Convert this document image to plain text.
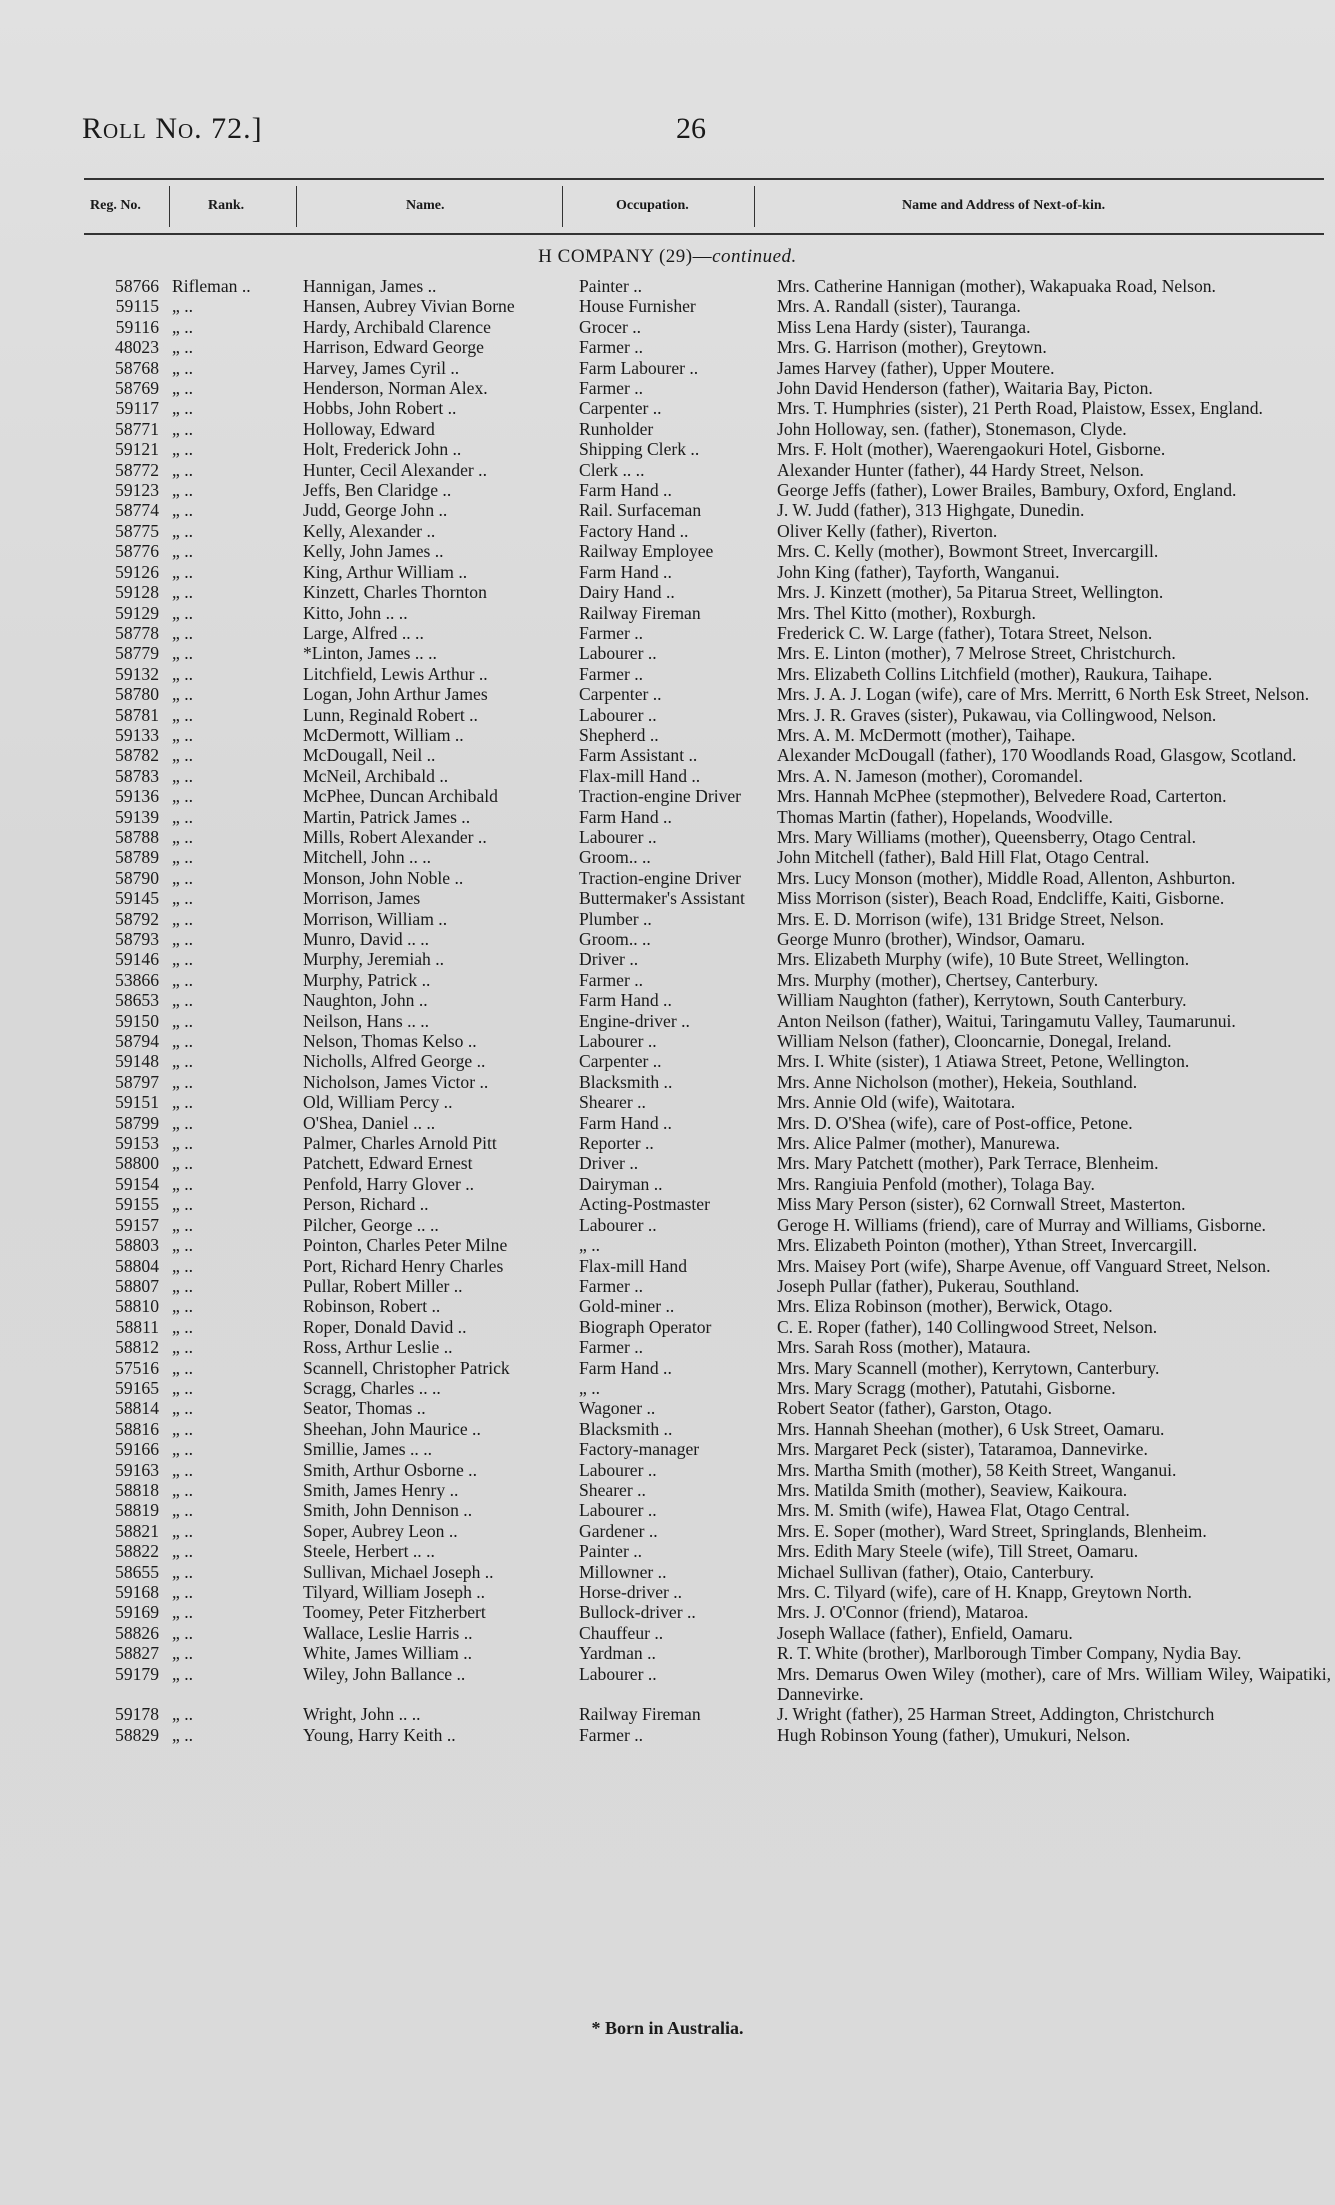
Roll No. 72.]	26
Reg. No.	Rank.	Name.	Occupation.	Name and Address of Next-of-kin.
H COMPANY (29)—continued.
58766 Rifleman ..	Hannigan, James ..	Painter ..	Mrs. Catherine Hannigan (mother), Wakapuaka Road, Nelson.
59115 „ ..	Hansen, Aubrey Vivian Borne	House Furnisher	Mrs. A. Randall (sister), Tauranga.
59116 „ ..	Hardy, Archibald Clarence	Grocer ..	Miss Lena Hardy (sister), Tauranga.
48023 „ ..	Harrison, Edward George	Farmer ..	Mrs. G. Harrison (mother), Greytown.
58768 „ ..	Harvey, James Cyril ..	Farm Labourer ..	James Harvey (father), Upper Moutere.
58769 „ ..	Henderson, Norman Alex.	Farmer ..	John David Henderson (father), Waitaria Bay, Picton.
59117 „ ..	Hobbs, John Robert ..	Carpenter ..	Mrs. T. Humphries (sister), 21 Perth Road, Plaistow, Essex, England.
58771 „ ..	Holloway, Edward	Runholder	John Holloway, sen. (father), Stonemason, Clyde.
59121 „ ..	Holt, Frederick John ..	Shipping Clerk ..	Mrs. F. Holt (mother), Waerengaokuri Hotel, Gisborne.
58772 „ ..	Hunter, Cecil Alexander ..	Clerk .. ..	Alexander Hunter (father), 44 Hardy Street, Nelson.
59123 „ ..	Jeffs, Ben Claridge ..	Farm Hand ..	George Jeffs (father), Lower Brailes, Bambury, Oxford, England.
58774 „ ..	Judd, George John ..	Rail. Surfaceman	J. W. Judd (father), 313 Highgate, Dunedin.
58775 „ ..	Kelly, Alexander ..	Factory Hand ..	Oliver Kelly (father), Riverton.
58776 „ ..	Kelly, John James ..	Railway Employee	Mrs. C. Kelly (mother), Bowmont Street, Invercargill.
59126 „ ..	King, Arthur William ..	Farm Hand ..	John King (father), Tayforth, Wanganui.
59128 „ ..	Kinzett, Charles Thornton	Dairy Hand ..	Mrs. J. Kinzett (mother), 5a Pitarua Street, Wellington.
59129 „ ..	Kitto, John .. ..	Railway Fireman	Mrs. Thel Kitto (mother), Roxburgh.
58778 „ ..	Large, Alfred .. ..	Farmer ..	Frederick C. W. Large (father), Totara Street, Nelson.
58779 „ ..	*Linton, James .. ..	Labourer ..	Mrs. E. Linton (mother), 7 Melrose Street, Christchurch.
59132 „ ..	Litchfield, Lewis Arthur ..	Farmer ..	Mrs. Elizabeth Collins Litchfield (mother), Raukura, Taihape.
58780 „ ..	Logan, John Arthur James	Carpenter ..	Mrs. J. A. J. Logan (wife), care of Mrs. Merritt, 6 North Esk Street, Nelson.
58781 „ ..	Lunn, Reginald Robert ..	Labourer ..	Mrs. J. R. Graves (sister), Pukawau, via Collingwood, Nelson.
59133 „ ..	McDermott, William ..	Shepherd ..	Mrs. A. M. McDermott (mother), Taihape.
58782 „ ..	McDougall, Neil ..	Farm Assistant ..	Alexander McDougall (father), 170 Woodlands Road, Glasgow, Scotland.
58783 „ ..	McNeil, Archibald ..	Flax-mill Hand ..	Mrs. A. N. Jameson (mother), Coromandel.
59136 „ ..	McPhee, Duncan Archibald	Traction-engine Driver	Mrs. Hannah McPhee (stepmother), Belvedere Road, Carterton.
59139 „ ..	Martin, Patrick James ..	Farm Hand ..	Thomas Martin (father), Hopelands, Woodville.
58788 „ ..	Mills, Robert Alexander ..	Labourer ..	Mrs. Mary Williams (mother), Queensberry, Otago Central.
58789 „ ..	Mitchell, John .. ..	Groom.. ..	John Mitchell (father), Bald Hill Flat, Otago Central.
58790 „ ..	Monson, John Noble ..	Traction-engine Driver	Mrs. Lucy Monson (mother), Middle Road, Allenton, Ashburton.
59145 „ ..	Morrison, James	Buttermaker's Assistant	Miss Morrison (sister), Beach Road, Endcliffe, Kaiti, Gisborne.
58792 „ ..	Morrison, William ..	Plumber ..	Mrs. E. D. Morrison (wife), 131 Bridge Street, Nelson.
58793 „ ..	Munro, David .. ..	Groom.. ..	George Munro (brother), Windsor, Oamaru.
59146 „ ..	Murphy, Jeremiah ..	Driver ..	Mrs. Elizabeth Murphy (wife), 10 Bute Street, Wellington.
53866 „ ..	Murphy, Patrick ..	Farmer ..	Mrs. Murphy (mother), Chertsey, Canterbury.
58653 „ ..	Naughton, John ..	Farm Hand ..	William Naughton (father), Kerrytown, South Canterbury.
59150 „ ..	Neilson, Hans .. ..	Engine-driver ..	Anton Neilson (father), Waitui, Taringamutu Valley, Taumarunui.
58794 „ ..	Nelson, Thomas Kelso ..	Labourer ..	William Nelson (father), Clooncarnie, Donegal, Ireland.
59148 „ ..	Nicholls, Alfred George ..	Carpenter ..	Mrs. I. White (sister), 1 Atiawa Street, Petone, Wellington.
58797 „ ..	Nicholson, James Victor ..	Blacksmith ..	Mrs. Anne Nicholson (mother), Hekeia, Southland.
59151 „ ..	Old, William Percy ..	Shearer ..	Mrs. Annie Old (wife), Waitotara.
58799 „ ..	O'Shea, Daniel .. ..	Farm Hand ..	Mrs. D. O'Shea (wife), care of Post-office, Petone.
59153 „ ..	Palmer, Charles Arnold Pitt	Reporter ..	Mrs. Alice Palmer (mother), Manurewa.
58800 „ ..	Patchett, Edward Ernest	Driver ..	Mrs. Mary Patchett (mother), Park Terrace, Blenheim.
59154 „ ..	Penfold, Harry Glover ..	Dairyman ..	Mrs. Rangiuia Penfold (mother), Tolaga Bay.
59155 „ ..	Person, Richard ..	Acting-Postmaster	Miss Mary Person (sister), 62 Cornwall Street, Masterton.
59157 „ ..	Pilcher, George .. ..	Labourer ..	Geroge H. Williams (friend), care of Murray and Williams, Gisborne.
58803 „ ..	Pointon, Charles Peter Milne	„ ..	Mrs. Elizabeth Pointon (mother), Ythan Street, Invercargill.
58804 „ ..	Port, Richard Henry Charles	Flax-mill Hand	Mrs. Maisey Port (wife), Sharpe Avenue, off Vanguard Street, Nelson.
58807 „ ..	Pullar, Robert Miller ..	Farmer ..	Joseph Pullar (father), Pukerau, Southland.
58810 „ ..	Robinson, Robert ..	Gold-miner ..	Mrs. Eliza Robinson (mother), Berwick, Otago.
58811 „ ..	Roper, Donald David ..	Biograph Operator	C. E. Roper (father), 140 Collingwood Street, Nelson.
58812 „ ..	Ross, Arthur Leslie ..	Farmer ..	Mrs. Sarah Ross (mother), Mataura.
57516 „ ..	Scannell, Christopher Patrick	Farm Hand ..	Mrs. Mary Scannell (mother), Kerrytown, Canterbury.
59165 „ ..	Scragg, Charles .. ..	„ ..	Mrs. Mary Scragg (mother), Patutahi, Gisborne.
58814 „ ..	Seator, Thomas ..	Wagoner ..	Robert Seator (father), Garston, Otago.
58816 „ ..	Sheehan, John Maurice ..	Blacksmith ..	Mrs. Hannah Sheehan (mother), 6 Usk Street, Oamaru.
59166 „ ..	Smillie, James .. ..	Factory-manager	Mrs. Margaret Peck (sister), Tataramoa, Dannevirke.
59163 „ ..	Smith, Arthur Osborne ..	Labourer ..	Mrs. Martha Smith (mother), 58 Keith Street, Wanganui.
58818 „ ..	Smith, James Henry ..	Shearer ..	Mrs. Matilda Smith (mother), Seaview, Kaikoura.
58819 „ ..	Smith, John Dennison ..	Labourer ..	Mrs. M. Smith (wife), Hawea Flat, Otago Central.
58821 „ ..	Soper, Aubrey Leon ..	Gardener ..	Mrs. E. Soper (mother), Ward Street, Springlands, Blenheim.
58822 „ ..	Steele, Herbert .. ..	Painter ..	Mrs. Edith Mary Steele (wife), Till Street, Oamaru.
58655 „ ..	Sullivan, Michael Joseph ..	Millowner ..	Michael Sullivan (father), Otaio, Canterbury.
59168 „ ..	Tilyard, William Joseph ..	Horse-driver ..	Mrs. C. Tilyard (wife), care of H. Knapp, Greytown North.
59169 „ ..	Toomey, Peter Fitzherbert	Bullock-driver ..	Mrs. J. O'Connor (friend), Mataroa.
58826 „ ..	Wallace, Leslie Harris ..	Chauffeur ..	Joseph Wallace (father), Enfield, Oamaru.
58827 „ ..	White, James William ..	Yardman ..	R. T. White (brother), Marlborough Timber Company, Nydia Bay.
59179 „ ..	Wiley, John Ballance ..	Labourer ..	Mrs. Demarus Owen Wiley (mother), care of Mrs. William Wiley, Waipatiki, Dannevirke.
59178 „ ..	Wright, John .. ..	Railway Fireman	J. Wright (father), 25 Harman Street, Addington, Christchurch
58829 „ ..	Young, Harry Keith ..	Farmer ..	Hugh Robinson Young (father), Umukuri, Nelson.
* Born in Australia.
